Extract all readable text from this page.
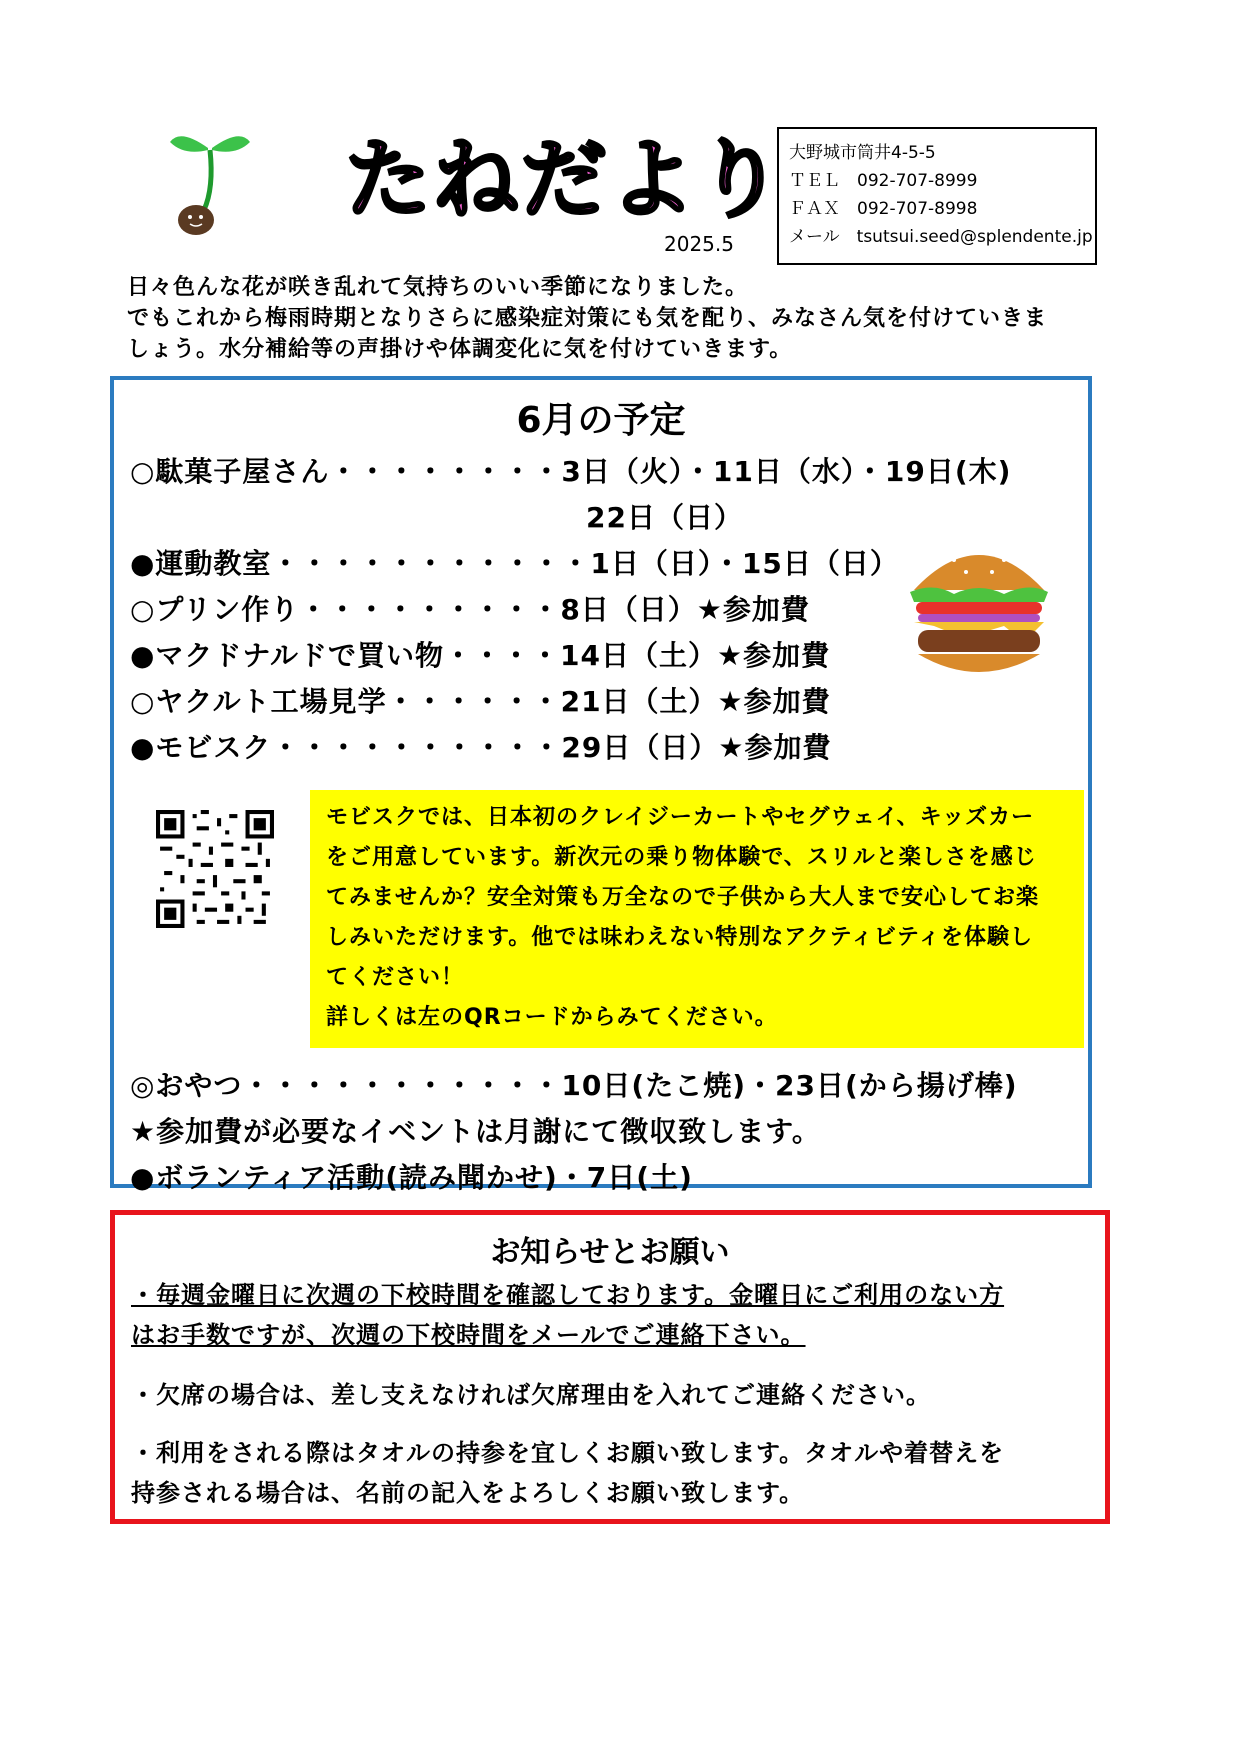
たねだより
2025.5
大野城市筒井4-5-5
ＴＥＬ　092-707-8999
ＦＡＸ　092-707-8998
メール　tsutsui.seed@splendente.jp

日々色んな花が咲き乱れて気持ちのいい季節になりました。

でもこれから梅雨時期となりさらに感染症対策にも気を配り、みなさん気を付けていきま

しょう。水分補給等の声掛けや体調変化に気を付けていきます。

6月の予定
○駄菓子屋さん・・・・・・・・3日（火）・11日（水）・19日(木)
22日（日）
●運動教室・・・・・・・・・・・1日（日）・15日（日）
○プリン作り・・・・・・・・・8日（日）★参加費
●マクドナルドで買い物・・・・14日（土）★参加費
○ヤクルト工場見学・・・・・・21日（土）★参加費
●モビスク・・・・・・・・・・29日（日）★参加費
モビスクでは、日本初のクレイジーカートやセグウェイ、キッズカー
をご用意しています。新次元の乗り物体験で、スリルと楽しさを感じ
てみませんか？安全対策も万全なので子供から大人まで安心してお楽
しみいただけます。他では味わえない特別なアクティビティを体験し
てください！
詳しくは左のQRコードからみてください。
◎おやつ・・・・・・・・・・・10日(たこ焼)・23日(から揚げ棒)
★参加費が必要なイベントは月謝にて徴収致します。
●ボランティア活動(読み聞かせ)・7日(土)
お知らせとお願い

・毎週金曜日に次週の下校時間を確認しております。金曜日にご利用のない方

はお手数ですが、次週の下校時間をメールでご連絡下さい。

・欠席の場合は、差し支えなければ欠席理由を入れてご連絡ください。

・利用をされる際はタオルの持参を宜しくお願い致します。タオルや着替えを

持参される場合は、名前の記入をよろしくお願い致します。
